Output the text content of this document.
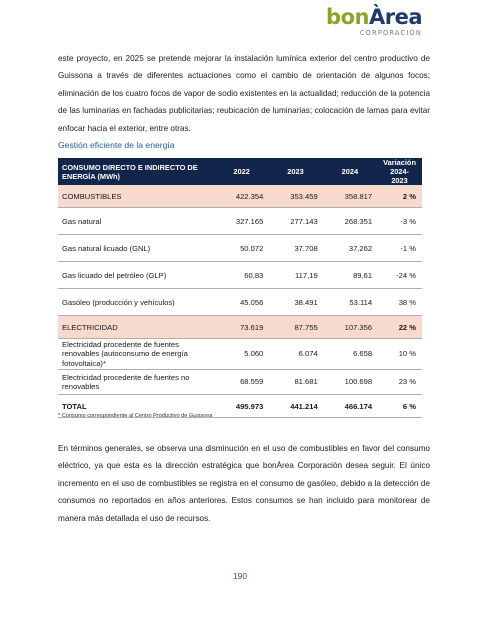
bonÀrea
CORPORACIÓN

este proyecto, en 2025 se pretende mejorar la instalación lumínica exterior del centro productivo de Guissona a través de diferentes actuaciones como el cambio de orientación de algunos focos; eliminación de los cuatro focos de vapor de sodio existentes en la actualidad; reducción de la potencia de las luminarias en fachadas publicitarias; reubicación de luminarias; colocación de lamas para evitar enfocar hacia el exterior, entre otras.

Gestión eficiente de la energía
CONSUMO DIRECTO E INDIRECTO DE ENERGÍA (MWh)	2022	2023	2024	Variación
2024-2023
COMBUSTIBLES	422.354	353.459	358.817	2 %
Gas natural	327.165	277.143	268.351	-3 %
Gas natural licuado (GNL)	50.072	37.708	37.262	-1 %
Gas licuado del petróleo (GLP)	60,83	117,19	89,61	-24 %
Gasóleo (producción y vehículos)	45.056	38.491	53.114	38 %
ELECTRICIDAD	73.619	87.755	107.356	22 %
Electricidad procedente de fuentes renovables (autoconsumo de energía fotovoltaica)*	5.060	6.074	6.658	10 %
Electricidad procedente de fuentes no renovables	68.559	81.681	100.698	23 %
TOTAL	495.973	441.214	466.174	6 %
* Consumo correspondiente al Centro Productivo de Guissona

En términos generales, se observa una disminución en el uso de combustibles en favor del consumo eléctrico, ya que esta es la dirección estratégica que bonÀrea Corporación desea seguir. El único incremento en el uso de combustibles se registra en el consumo de gasóleo, debido a la detección de consumos no reportados en años anteriores. Estos consumos se han incluido para monitorear de manera más detallada el uso de recursos.

190
